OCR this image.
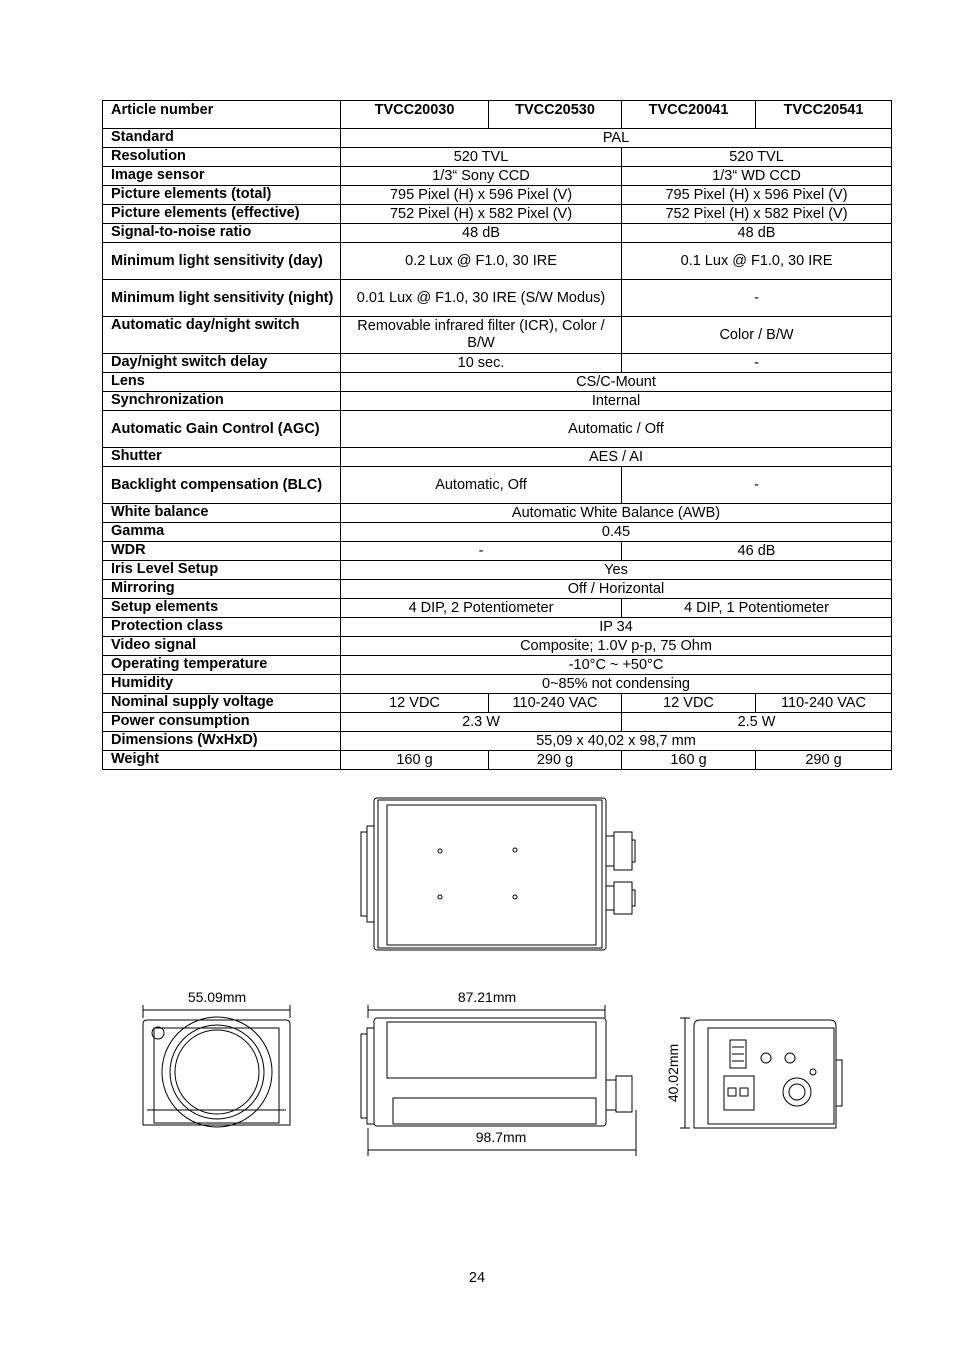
Article number	TVCC20030	TVCC20530	TVCC20041	TVCC20541
Standard	PAL			
Resolution	520 TVL		520 TVL	
Image sensor	1/3“ Sony CCD		1/3“ WD CCD	
Picture elements (total)	795 Pixel (H) x 596 Pixel (V)		795 Pixel (H) x 596 Pixel (V)	
Picture elements (effective)	752 Pixel (H) x 582 Pixel (V)		752 Pixel (H) x 582 Pixel (V)	
Signal-to-noise ratio	48 dB		48 dB	
Minimum light sensitivity (day)	0.2 Lux @ F1.0, 30 IRE		0.1 Lux @ F1.0, 30 IRE	
Minimum light sensitivity (night)	0.01 Lux @ F1.0, 30 IRE (S/W Modus)		-	
Automatic day/night switch	Removable infrared filter (ICR), Color / B/W		Color / B/W	
Day/night switch delay	10 sec.		-	
Lens	CS/C-Mount			
Synchronization	Internal			
Automatic Gain Control (AGC)	Automatic / Off			
Shutter	AES / AI			
Backlight compensation (BLC)	Automatic, Off		-	
White balance	Automatic White Balance (AWB)			
Gamma	0.45			
WDR	-		46 dB	
Iris Level Setup	Yes			
Mirroring	Off / Horizontal			
Setup elements	4 DIP, 2 Potentiometer		4 DIP, 1 Potentiometer	
Protection class	IP 34			
Video signal	Composite; 1.0V p-p, 75 Ohm			
Operating temperature	-10°C ~ +50°C			
Humidity	0~85% not condensing			
Nominal supply voltage	12 VDC	110-240 VAC	12 VDC	110-240 VAC
Power consumption	2.3 W		2.5 W	
Dimensions (WxHxD)	55,09 x 40,02 x 98,7 mm			
Weight	160 g	290 g	160 g	290 g
55.09mm	87.21mm
98.7mm
40.02mm
24
